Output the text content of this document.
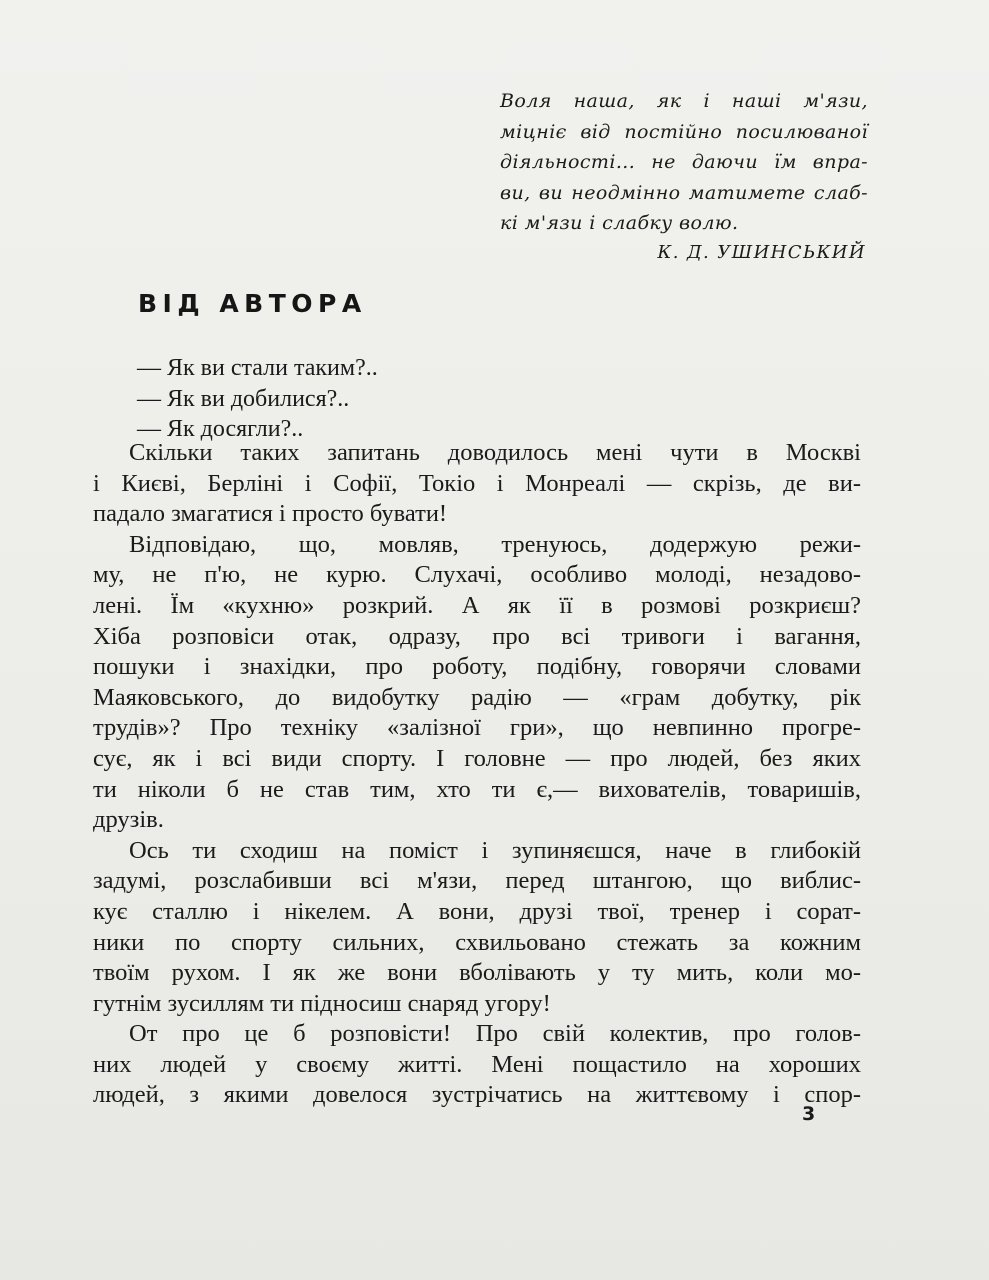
Воля наша, як і наші м'язи,
міцніє від постійно посилюваної
діяльності... не даючи їм впра-
ви, ви неодмінно матимете слаб-
кі м'язи і слабку волю.
К. Д. УШИНСЬКИЙ
ВІД АВТОРА
— Як ви стали таким?..
— Як ви добилися?..
— Як досягли?..
Скільки таких запитань доводилось мені чути в Москві
і Києві, Берліні і Софії, Токіо і Монреалі — скрізь, де ви-
падало змагатися і просто бувати!
Відповідаю, що, мовляв, тренуюсь, додержую режи-
му, не п'ю, не курю. Слухачі, особливо молоді, незадово-
лені. Їм «кухню» розкрий. А як її в розмові розкриєш?
Хіба розповіси отак, одразу, про всі тривоги і вагання,
пошуки і знахідки, про роботу, подібну, говорячи словами
Маяковського, до видобутку радію — «грам добутку, рік
трудів»? Про техніку «залізної гри», що невпинно прогре-
сує, як і всі види спорту. І головне — про людей, без яких
ти ніколи б не став тим, хто ти є,— вихователів, товаришів,
друзів.
Ось ти сходиш на поміст і зупиняєшся, наче в глибокій
задумі, розслабивши всі м'язи, перед штангою, що виблис-
кує сталлю і нікелем. А вони, друзі твої, тренер і сорат-
ники по спорту сильних, схвильовано стежать за кожним
твоїм рухом. І як же вони вболівають у ту мить, коли мо-
гутнім зусиллям ти підносиш снаряд угору!
От про це б розповісти! Про свій колектив, про голов-
них людей у своєму житті. Мені пощастило на хороших
людей, з якими довелося зустрічатись на життєвому і спор-
3
